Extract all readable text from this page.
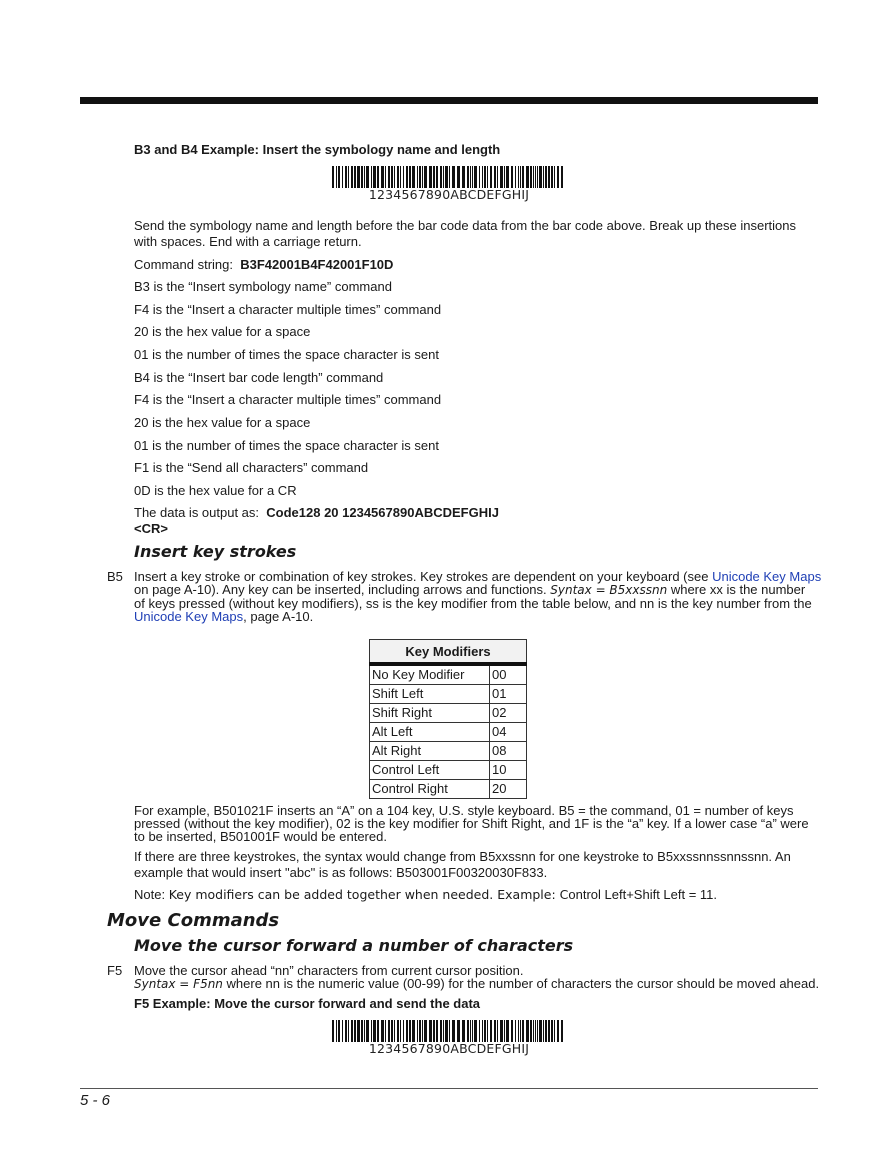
B3 and B4 Example: Insert the symbology name and length
1234567890ABCDEFGHIJ
Send the symbology name and length before the bar code data from the bar code above. Break up these insertions
with spaces. End with a carriage return.
Command string: B3F42001B4F42001F10D
B3 is the “Insert symbology name” command
F4 is the “Insert a character multiple times” command
20 is the hex value for a space
01 is the number of times the space character is sent
B4 is the “Insert bar code length” command
F4 is the “Insert a character multiple times” command
20 is the hex value for a space
01 is the number of times the space character is sent
F1 is the “Send all characters” command
0D is the hex value for a CR
The data is output as: Code128 20 1234567890ABCDEFGHIJ
<CR>
Insert key strokes
B5 Insert a key stroke or combination of key strokes. Key strokes are dependent on your keyboard (see Unicode Key Maps
on page A-10). Any key can be inserted, including arrows and functions. Syntax = B5xxssnn where xx is the number
of keys pressed (without key modifiers), ss is the key modifier from the table below, and nn is the key number from the
Unicode Key Maps, page A-10.
Key Modifiers	
No Key Modifier	00
Shift Left	01
Shift Right	02
Alt Left	04
Alt Right	08
Control Left	10
Control Right	20
For example, B501021F inserts an “A” on a 104 key, U.S. style keyboard. B5 = the command, 01 = number of keys
pressed (without the key modifier), 02 is the key modifier for Shift Right, and 1F is the “a” key. If a lower case “a” were
to be inserted, B501001F would be entered.
If there are three keystrokes, the syntax would change from B5xxssnn for one keystroke to B5xxssnnssnnssnn. An
example that would insert "abc" is as follows: B503001F00320030F833.
Note: Key modifiers can be added together when needed. Example: Control Left+Shift Left = 11.
Move Commands
Move the cursor forward a number of characters
F5 Move the cursor ahead “nn” characters from current cursor position.
Syntax = F5nn where nn is the numeric value (00-99) for the number of characters the cursor should be moved ahead.
F5 Example: Move the cursor forward and send the data
1234567890ABCDEFGHIJ
5 - 6
